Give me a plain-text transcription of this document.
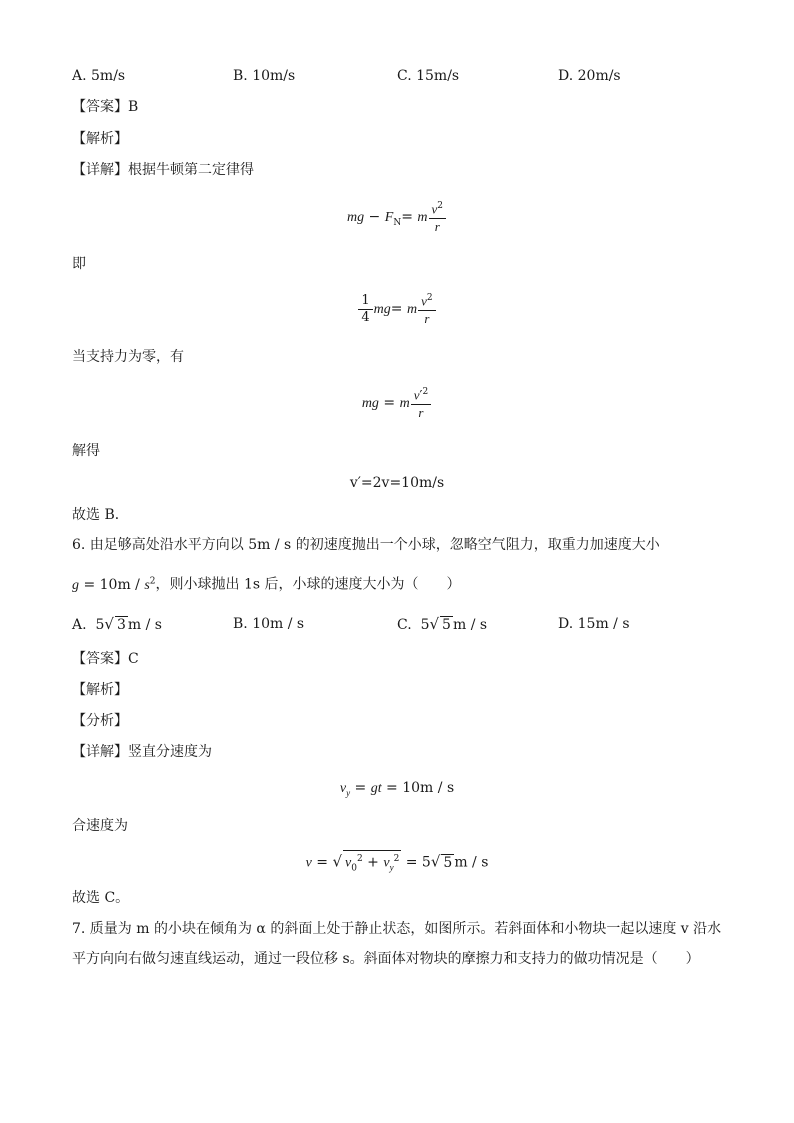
A. 5m/s	B. 10m/s	C. 15m/s	D. 20m/s
【答案】B
【解析】
【详解】根据牛顿第二定律得
mg − $F_N= m \frac{v^2}{r}$
即
$\frac{1}{4} mg= m \frac{v^2}{r}$
当支持力为零，有
mg = m $\frac{v'^2}{r}$
解得
v′=2v=10m/s
故选 B．
6. 由足够高处沿水平方向以 5m / s 的初速度抛出一个小球，忽略空气阻力，取重力加速度大小
$g = 10m / s^2$，则小球抛出 1s 后，小球的速度大小为（　　）
A.  5√ 3 m / s	B. 10m / s	C.  5√ 5 m / s	D. 15m / s
【答案】C
【解析】
【分析】
【详解】竖直分速度为
$v_y$ = gt = 10m / s
合速度为
v = √ $v_0^2 + v_y^2 = 5√$ 5 m / s
故选 C。
7. 质量为 m 的小块在倾角为 α 的斜面上处于静止状态，如图所示。若斜面体和小物块一起以速度 v 沿水
平方向向右做匀速直线运动，通过一段位移 s。斜面体对物块的摩擦力和支持力的做功情况是（　　）
